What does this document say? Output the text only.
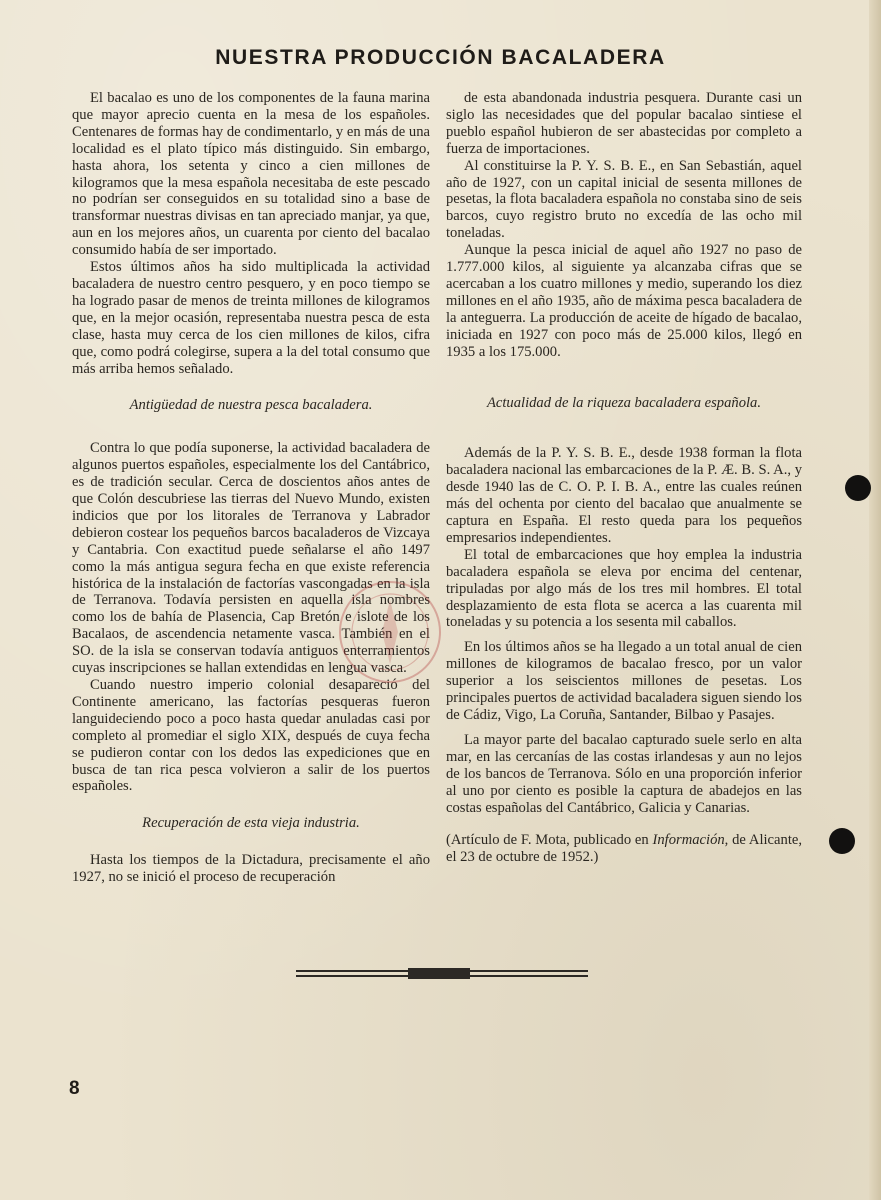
NUESTRA PRODUCCIÓN BACALADERA

El bacalao es uno de los componentes de la fauna marina que mayor aprecio cuenta en la mesa de los españoles. Centenares de formas hay de condimentarlo, y en más de una localidad es el plato típico más distinguido. Sin embargo, hasta ahora, los setenta y cinco a cien millones de kilogramos que la mesa española necesitaba de este pescado no podrían ser conseguidos en su totalidad sino a base de transformar nuestras divisas en tan apreciado manjar, ya que, aun en los mejores años, un cuarenta por ciento del bacalao consumido había de ser importado.

Estos últimos años ha sido multiplicada la actividad bacaladera de nuestro centro pesquero, y en poco tiempo se ha logrado pasar de menos de treinta millones de kilogramos que, en la mejor ocasión, representaba nuestra pesca de esta clase, hasta muy cerca de los cien millones de kilos, cifra que, como podrá colegirse, supera a la del total consumo que más arriba hemos señalado.

Antigüedad de nuestra pesca bacaladera.

Contra lo que podía suponerse, la actividad bacaladera de algunos puertos españoles, especialmente los del Cantábrico, es de tradición secular. Cerca de doscientos años antes de que Colón descubriese las tierras del Nuevo Mundo, existen indicios que por los litorales de Terranova y Labrador debieron costear los pequeños barcos bacaladeros de Vizcaya y Cantabria. Con exactitud puede señalarse el año 1497 como la más antigua segura fecha en que existe referencia histórica de la instalación de factorías vascongadas en la isla de Terranova. Todavía persisten en aquella isla nombres como los de bahía de Plasencia, Cap Bretón e islote de los Bacalaos, de ascendencia netamente vasca. También en el SO. de la isla se conservan todavía antiguos enterramientos cuyas inscripciones se hallan extendidas en lengua vasca.

Cuando nuestro imperio colonial desapareció del Continente americano, las factorías pesqueras fueron languideciendo poco a poco hasta quedar anuladas casi por completo al promediar el siglo XIX, después de cuya fecha se pudieron contar con los dedos las expediciones que en busca de tan rica pesca volvieron a salir de los puertos españoles.

Recuperación de esta vieja industria.

Hasta los tiempos de la Dictadura, precisamente el año 1927, no se inició el proceso de recuperación

de esta abandonada industria pesquera. Durante casi un siglo las necesidades que del popular bacalao sintiese el pueblo español hubieron de ser abastecidas por completo a fuerza de importaciones.

Al constituirse la P. Y. S. B. E., en San Sebastián, aquel año de 1927, con un capital inicial de sesenta millones de pesetas, la flota bacaladera española no constaba sino de seis barcos, cuyo registro bruto no excedía de las ocho mil toneladas.

Aunque la pesca inicial de aquel año 1927 no paso de 1.777.000 kilos, al siguiente ya alcanzaba cifras que se acercaban a los cuatro millones y medio, superando los diez millones en el año 1935, año de máxima pesca bacaladera de la anteguerra. La producción de aceite de hígado de bacalao, iniciada en 1927 con poco más de 25.000 kilos, llegó en 1935 a los 175.000.

Actualidad de la riqueza bacaladera española.

Además de la P. Y. S. B. E., desde 1938 forman la flota bacaladera nacional las embarcaciones de la P. Æ. B. S. A., y desde 1940 las de C. O. P. I. B. A., entre las cuales reúnen más del ochenta por ciento del bacalao que anualmente se captura en España. El resto queda para los pequeños empresarios independientes.

El total de embarcaciones que hoy emplea la industria bacaladera española se eleva por encima del centenar, tripuladas por algo más de los tres mil hombres. El total desplazamiento de esta flota se acerca a las cuarenta mil toneladas y su potencia a los sesenta mil caballos.

En los últimos años se ha llegado a un total anual de cien millones de kilogramos de bacalao fresco, por un valor superior a los seiscientos millones de pesetas. Los principales puertos de actividad bacaladera siguen siendo los de Cádiz, Vigo, La Coruña, Santander, Bilbao y Pasajes.

La mayor parte del bacalao capturado suele serlo en alta mar, en las cercanías de las costas irlandesas y aun no lejos de los bancos de Terranova. Sólo en una proporción inferior al uno por ciento es posible la captura de abadejos en las costas españolas del Cantábrico, Galicia y Canarias.

(Artículo de F. Mota, publicado en Información, de Alicante, el 23 de octubre de 1952.)

8
